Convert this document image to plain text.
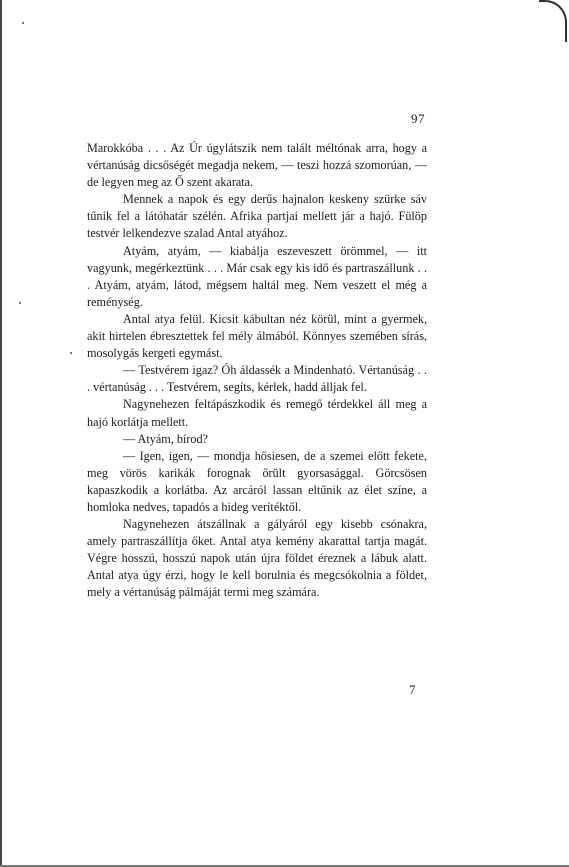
97

Marokkóba . . . Az Úr úgylátszik nem talált méltónak arra, hogy a vértanúság dicsőségét megadja nekem, — teszi hozzá szomorúan, — de legyen meg az Ő szent akarata.

Mennek a napok és egy derűs hajnalon keskeny szürke sáv tűnik fel a látóhatár szélén. Afrika partjai mellett jár a hajó. Fülöp testvér lelkendezve szalad Antal atyához.

Atyám, atyám, — kiabálja eszeveszett örömmel, — itt vagyunk, megérkeztünk . . . Már csak egy kis idő és partraszállunk . . . Atyám, atyám, látod, mégsem haltál meg. Nem veszett el még a reménység.

Antal atya felül. Kicsit kábultan néz körül, mint a gyermek, akit hirtelen ébresztettek fel mély álmából. Könnyes szemében sírás, mosolygás kergeti egymást.

— Testvérem igaz? Óh áldassék a Mindenható. Vértanúság . . . vértanúság . . . Testvérem, segíts, kérlek, hadd álljak fel.

Nagynehezen feltápászkodik és remegő térdekkel áll meg a hajó korlátja mellett.

— Atyám, bírod?

— Igen, igen, — mondja hősiesen, de a szemei előtt fekete, meg vörös karikák forognak őrült gyorsasággal. Görcsösen kapaszkodik a korlátba. Az arcáról lassan eltűnik az élet színe, a homloka nedves, tapadós a hideg verítéktől.

Nagynehezen átszállnak a gályáról egy kisebb csónakra, amely partraszállítja őket. Antal atya kemény akarattal tartja magát. Végre hosszú, hosszú napok után újra földet éreznek a lábuk alatt. Antal atya úgy érzi, hogy le kell borulnia és megcsókolnia a földet, mely a vértanúság pálmáját termi meg számára.

7
